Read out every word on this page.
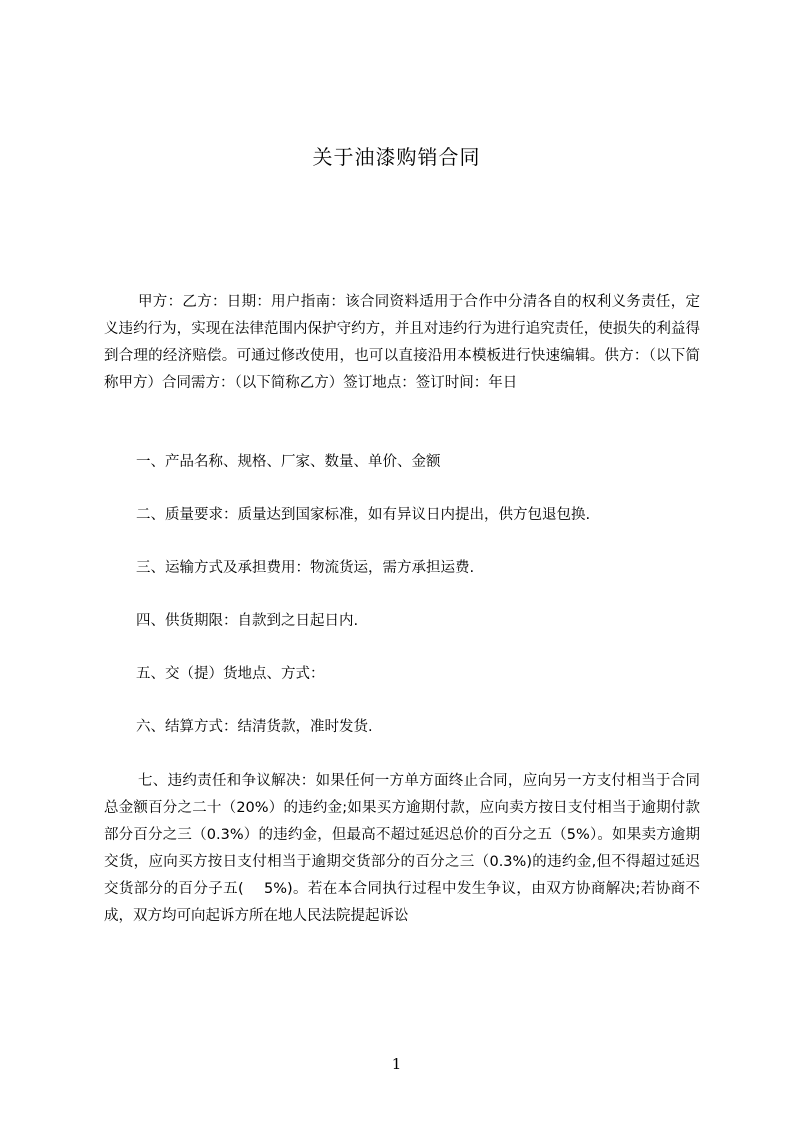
关于油漆购销合同
甲方：乙方：日期：用户指南：该合同资料适用于合作中分清各自的权利义务责任，定义违约行为，实现在法律范围内保护守约方，并且对违约行为进行追究责任，使损失的利益得到合理的经济赔偿。可通过修改使用，也可以直接沿用本模板进行快速编辑。供方：（以下简称甲方）合同需方：（以下简称乙方）签订地点：签订时间：年日
一、产品名称、规格、厂家、数量、单价、金额
二、质量要求：质量达到国家标准，如有异议日内提出，供方包退包换.
三、运输方式及承担费用：物流货运，需方承担运费.
四、供货期限：自款到之日起日内.
五、交（提）货地点、方式：
六、结算方式：结清货款，准时发货.
七、违约责任和争议解决：如果任何一方单方面终止合同，应向另一方支付相当于合同总金额百分之二十（20%）的违约金;如果买方逾期付款，应向卖方按日支付相当于逾期付款部分百分之三（0.3%）的违约金，但最高不超过延迟总价的百分之五（5%）。如果卖方逾期交货，应向买方按日支付相当于逾期交货部分的百分之三（0.3%)的违约金,但不得超过延迟交货部分的百分子五(　 5%)。若在本合同执行过程中发生争议，由双方协商解决;若协商不成，双方均可向起诉方所在地人民法院提起诉讼
1
